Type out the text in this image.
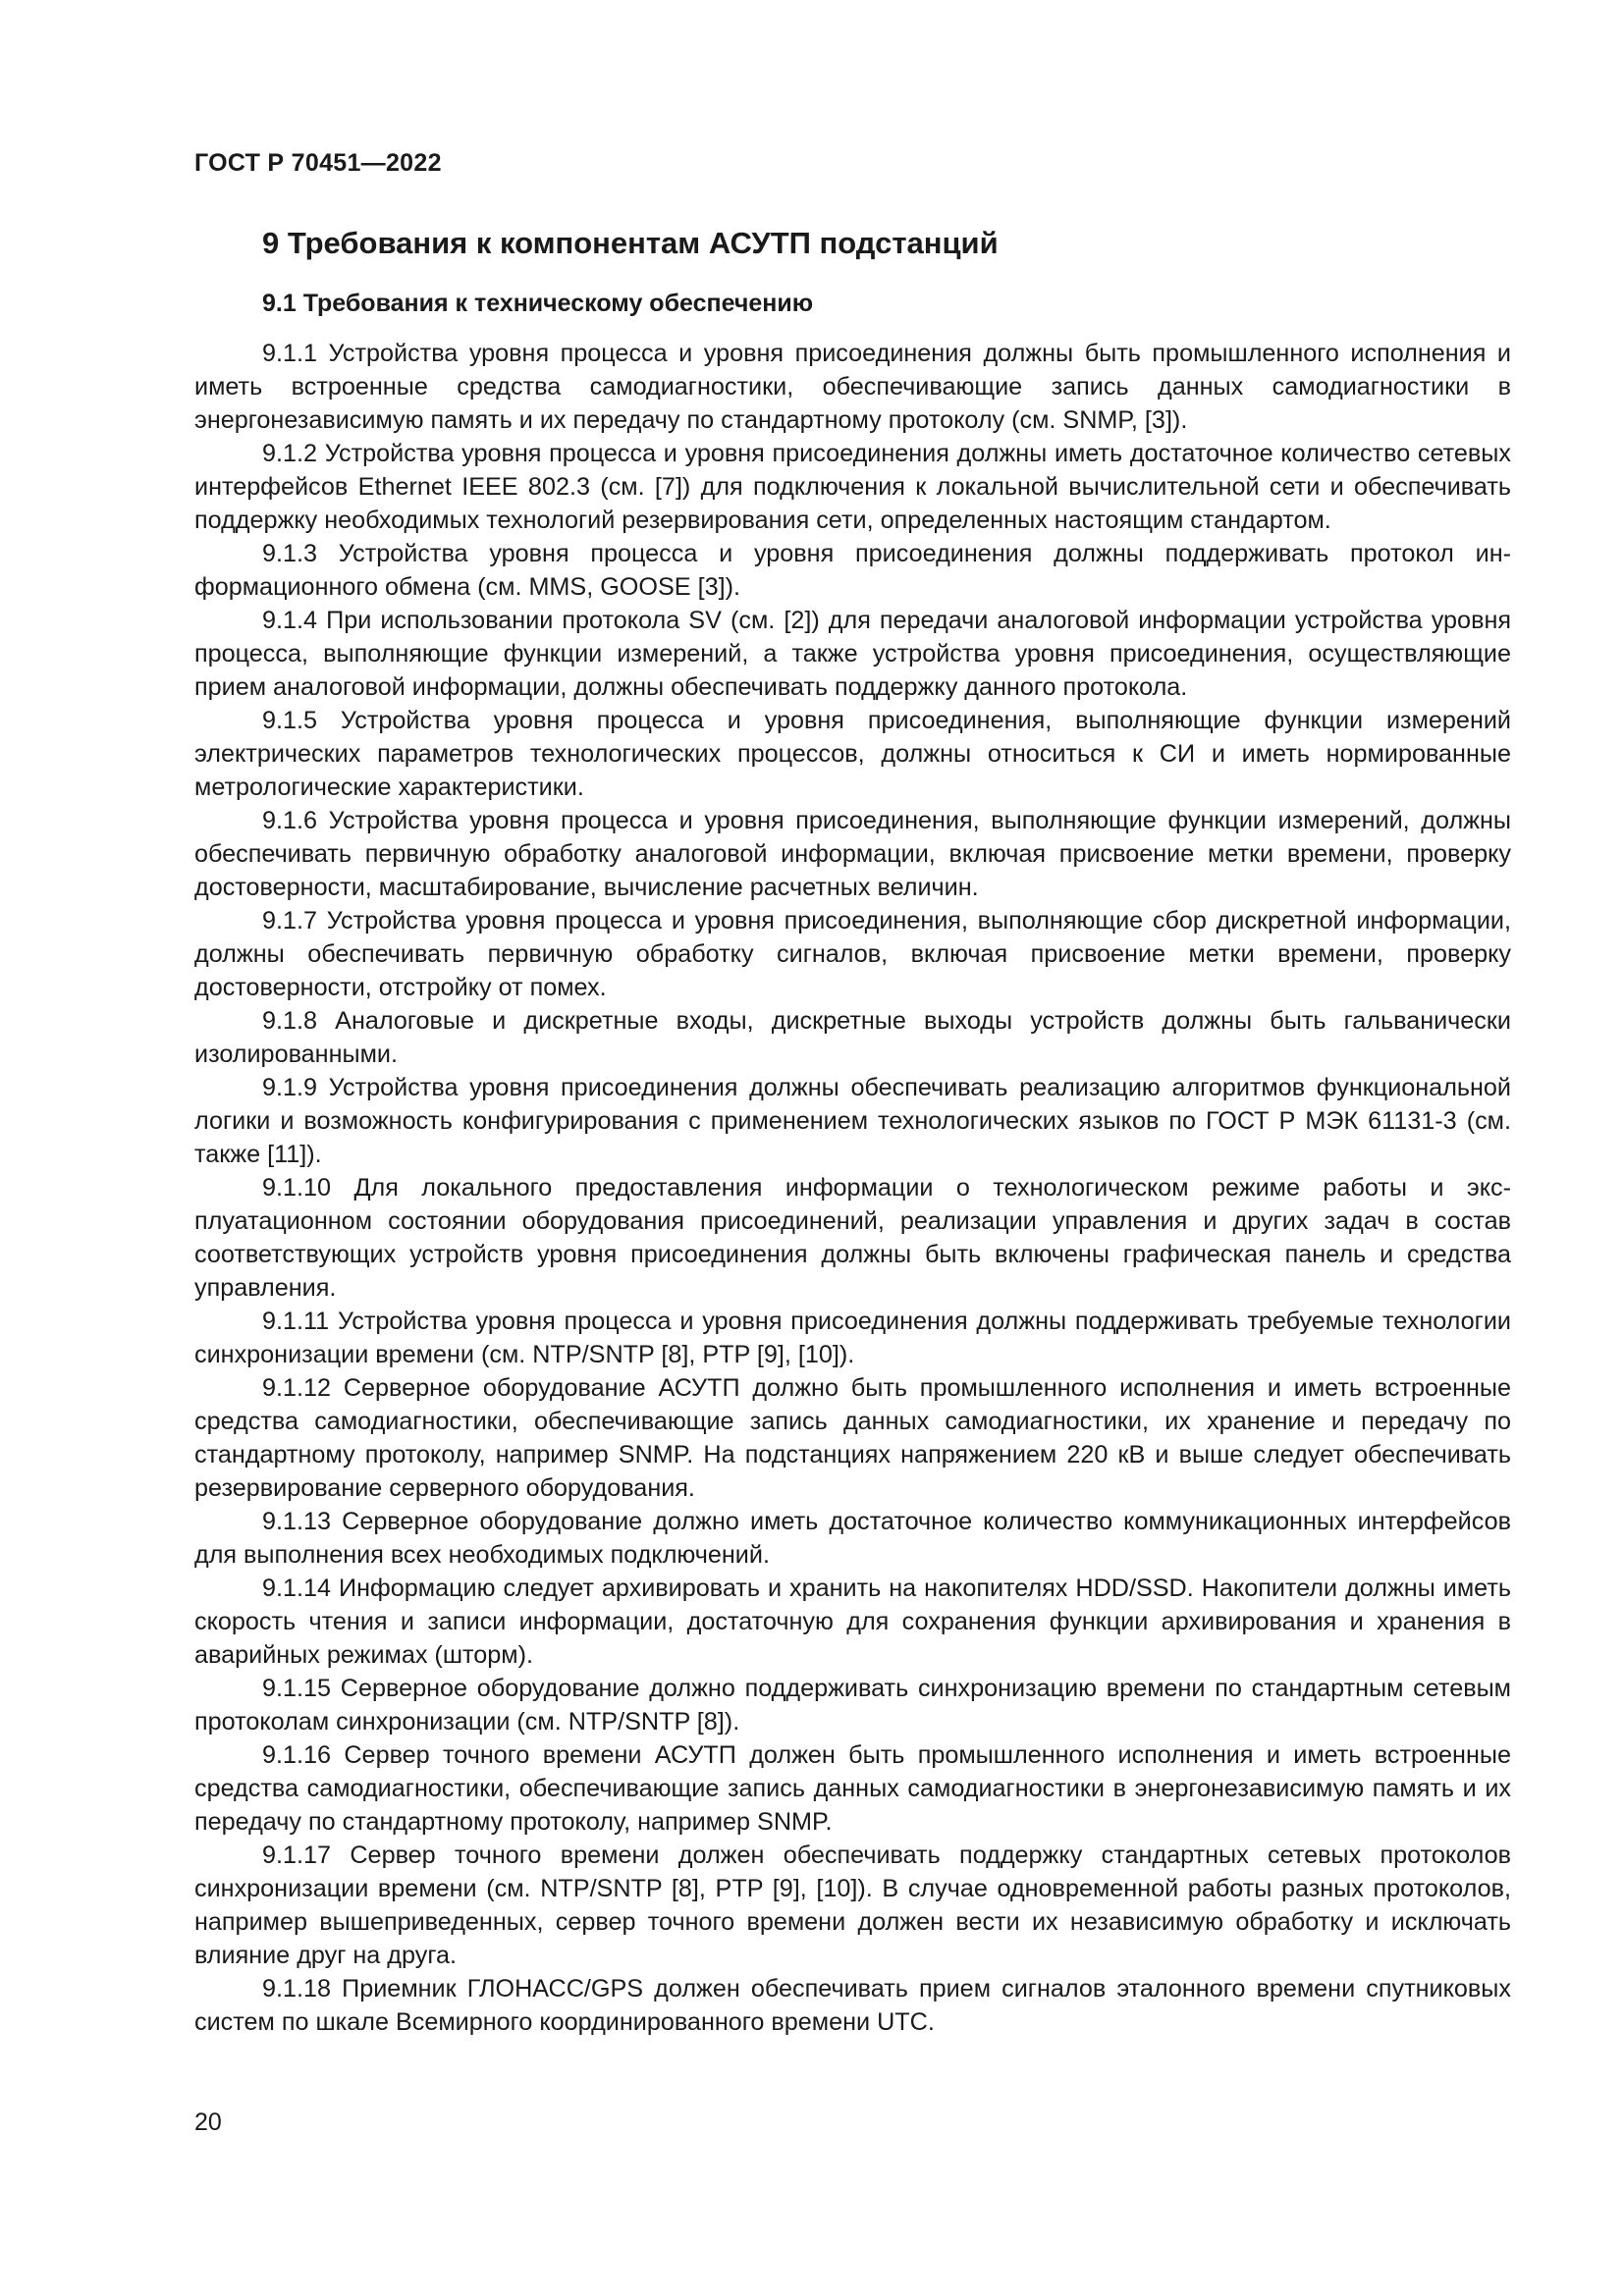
ГОСТ Р 70451—2022
9 Требования к компонентам АСУТП подстанций
9.1 Требования к техническому обеспечению

9.1.1 Устройства уровня процесса и уровня присоединения должны быть промышленного исполнения и иметь встроенные средства самодиагностики, обеспечивающие запись данных самодиагностики в энергонезависимую память и их передачу по стандартному протоколу (см. SNMP, [3]).

9.1.2 Устройства уровня процесса и уровня присоединения должны иметь достаточное количество сетевых интерфейсов Ethernet IEEE 802.3 (см. [7]) для подключения к локальной вычислительной сети и обеспечивать поддержку необходимых технологий резервирования сети, определенных настоящим стандартом.

9.1.3 Устройства уровня процесса и уровня присоединения должны поддерживать протокол информационного обмена (см. MMS, GOOSE [3]).

9.1.4 При использовании протокола SV (см. [2]) для передачи аналоговой информации устройства уровня процесса, выполняющие функции измерений, а также устройства уровня присоединения, осуществляющие прием аналоговой информации, должны обеспечивать поддержку данного протокола.

9.1.5 Устройства уровня процесса и уровня присоединения, выполняющие функции измерений электрических параметров технологических процессов, должны относиться к СИ и иметь нормированные метрологические характеристики.

9.1.6 Устройства уровня процесса и уровня присоединения, выполняющие функции измерений, должны обеспечивать первичную обработку аналоговой информации, включая присвоение метки времени, проверку достоверности, масштабирование, вычисление расчетных величин.

9.1.7 Устройства уровня процесса и уровня присоединения, выполняющие сбор дискретной информации, должны обеспечивать первичную обработку сигналов, включая присвоение метки времени, проверку достоверности, отстройку от помех.

9.1.8 Аналоговые и дискретные входы, дискретные выходы устройств должны быть гальванически изолированными.

9.1.9 Устройства уровня присоединения должны обеспечивать реализацию алгоритмов функциональной логики и возможность конфигурирования с применением технологических языков по ГОСТ Р МЭК 61131-3 (см. также [11]).

9.1.10 Для локального предоставления информации о технологическом режиме работы и эксплуатационном состоянии оборудования присоединений, реализации управления и других задач в состав соответствующих устройств уровня присоединения должны быть включены графическая панель и средства управления.

9.1.11 Устройства уровня процесса и уровня присоединения должны поддерживать требуемые технологии синхронизации времени (см. NTP/SNTP [8], PTP [9], [10]).

9.1.12 Серверное оборудование АСУТП должно быть промышленного исполнения и иметь встроенные средства самодиагностики, обеспечивающие запись данных самодиагностики, их хранение и передачу по стандартному протоколу, например SNMP. На подстанциях напряжением 220 кВ и выше следует обеспечивать резервирование серверного оборудования.

9.1.13 Серверное оборудование должно иметь достаточное количество коммуникационных интерфейсов для выполнения всех необходимых подключений.

9.1.14 Информацию следует архивировать и хранить на накопителях HDD/SSD. Накопители должны иметь скорость чтения и записи информации, достаточную для сохранения функции архивирования и хранения в аварийных режимах (шторм).

9.1.15 Серверное оборудование должно поддерживать синхронизацию времени по стандартным сетевым протоколам синхронизации (см. NTP/SNTP [8]).

9.1.16 Сервер точного времени АСУТП должен быть промышленного исполнения и иметь встроенные средства самодиагностики, обеспечивающие запись данных самодиагностики в энергонезависимую память и их передачу по стандартному протоколу, например SNMP.

9.1.17 Сервер точного времени должен обеспечивать поддержку стандартных сетевых протоколов синхронизации времени (см. NTP/SNTP [8], PTP [9], [10]). В случае одновременной работы разных протоколов, например вышеприведенных, сервер точного времени должен вести их независимую обработку и исключать влияние друг на друга.

9.1.18 Приемник ГЛОНАСС/GPS должен обеспечивать прием сигналов эталонного времени спутниковых систем по шкале Всемирного координированного времени UTC.

20
